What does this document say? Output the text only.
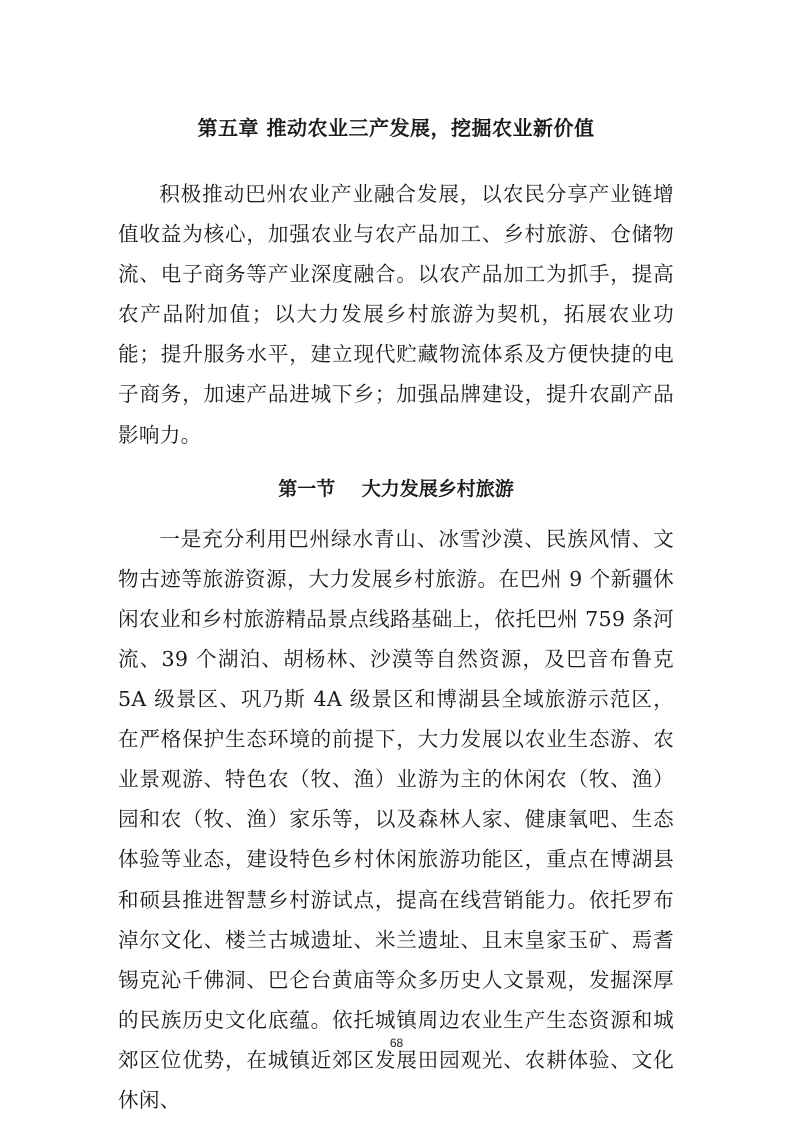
第五章 推动农业三产发展，挖掘农业新价值

积极推动巴州农业产业融合发展，以农民分享产业链增值收益为核心，加强农业与农产品加工、乡村旅游、仓储物流、电子商务等产业深度融合。以农产品加工为抓手，提高农产品附加值；以大力发展乡村旅游为契机，拓展农业功能；提升服务水平，建立现代贮藏物流体系及方便快捷的电子商务，加速产品进城下乡；加强品牌建设，提升农副产品影响力。

第一节    大力发展乡村旅游

一是充分利用巴州绿水青山、冰雪沙漠、民族风情、文物古迹等旅游资源，大力发展乡村旅游。在巴州 9 个新疆休闲农业和乡村旅游精品景点线路基础上，依托巴州 759 条河流、39 个湖泊、胡杨林、沙漠等自然资源，及巴音布鲁克 5A 级景区、巩乃斯 4A 级景区和博湖县全域旅游示范区，在严格保护生态环境的前提下，大力发展以农业生态游、农业景观游、特色农（牧、渔）业游为主的休闲农（牧、渔）园和农（牧、渔）家乐等，以及森林人家、健康氧吧、生态体验等业态，建设特色乡村休闲旅游功能区，重点在博湖县和硕县推进智慧乡村游试点，提高在线营销能力。依托罗布淖尔文化、楼兰古城遗址、米兰遗址、且末皇家玉矿、焉耆锡克沁千佛洞、巴仑台黄庙等众多历史人文景观，发掘深厚的民族历史文化底蕴。依托城镇周边农业生产生态资源和城郊区位优势，在城镇近郊区发展田园观光、农耕体验、文化休闲、

68
